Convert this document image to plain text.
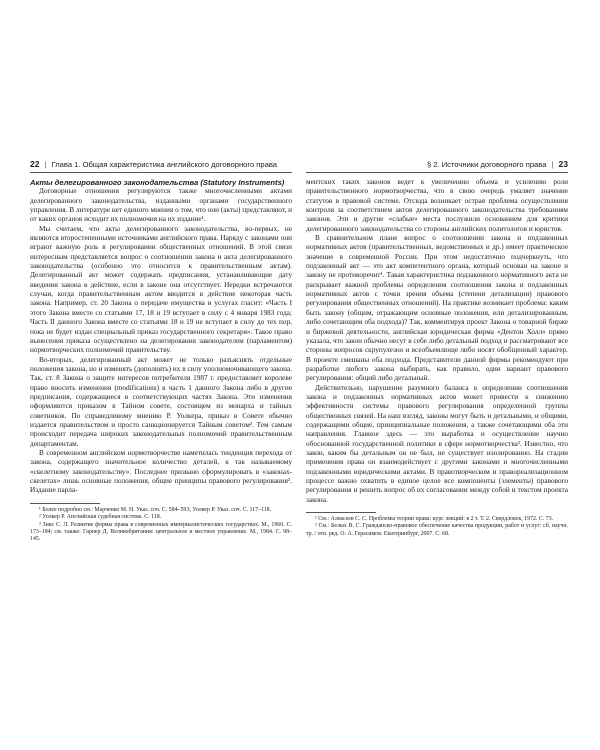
22 | Глава 1. Общая характеристика английского договорного права

Акты делегированного законодательства (Statutory Instruments)

Договорные отношения регулируются также многочисленными актами делегированного законодательства, изданными органами государственного управления. В литературе нет единого мнения о том, что они (акты) представляют, и от каких органов исходит их полномочия на их издание¹.

Мы считаем, что акты делегированного законодательства, во-первых, не являются второстепенными источниками английского права. Наряду с законами они играют важную роль в регулировании общественных отношений. В этой связи интересным представляется вопрос о соотношении закона и акта делегированного законодательства (особенно это относится к правительственным актам). Делегированный акт может содержать предписания, устанавливающие дату введения закона в действие, если в законе она отсутствует. Нередки встречаются случаи, когда правительственным актом вводится в действие некоторая часть закона. Например, ст. 20 Закона о передаче имущества и услугах гласит: «Часть I этого Закона вместе со статьями 17, 18 и 19 вступает в силу с 4 января 1983 года; Часть II данного Закона вместе со статьями 18 и 19 не вступает в силу до тех пор, пока не будет издан специальный приказ государственного секретаря». Такое право вынесения приказа осуществлено на делегирования законодателем (парламентом) нормотворческих полномочий правительству.

Во-вторых, делегированный акт может не только разъяснять отдельные положения закона, но и изменять (дополнять) их в силу уполномочивающего закона. Так, ст. 8 Закона о защите интересов потребителя 1987 г. предоставляет королеве право вносить изменения (modifications) в часть 1 данного Закона либо в другие предписания, содержащиеся в соответствующих частях Закона. Эти изменения оформляются приказом в Тайном совете, состоящем из монарха и тайных советников. По справедливому мнению Р. Уолкера, приказ в Совете обычно издается правительством и просто санкционируется Тайным советом². Тем самым происходит передача широких законодательных полномочий правительственным департаментам.

В современном английском нормотворчестве наметилась тенденция перехода от закона, содержащего значительное количество деталей, к так называемому «скелетному законодательству». Последнее призвано сформулировать в «законах-скелетах» лишь основные положения, общие принципы правового регулирования³. Издание парла-

¹ Более подробно см.: Марченко М. Н. Указ. соч. С. 584–593; Уолкер Р. Указ. соч. С. 117–118.

² Уолкер Р. Английская судебная система. С. 118.

³ Зикс С. Л. Развитие формы права в современных империалистических государствах. М., 1960. С. 173–184; см. также: Гарнер Д. Великобритания: центральное и местное управление. М., 1984. С. 98–145.

§ 2. Источники договорного права | 23

ментских таких законов ведет к увеличению объема и усилению роли правительственного нормотворчества, что в свою очередь умаляет значение статутов в правовой системе. Отсюда возникает острая проблема осуществления контроля за соответствием актов делегированного законодательства требованиям законов. Эти и другие «слабые» места послужили основанием для критики делегированного законодательства со стороны английских политологов и юристов.

В сравнительном плане вопрос о соотношении закона и подзаконных нормативных актов (правительственных, ведомственных и др.) имеет практическое значение в современной России. При этом недостаточно подчеркнуть, что подзаконный акт — это акт компетентного органа, который основан на законе и закону не противоречит¹. Такая характеристика подзаконного нормативного акта не раскрывает важной проблемы определения соотношения закона и подзаконных нормативных актов с точки зрения объема (степени детализации) правового регулирования общественных отношений). На практике возникает проблема: каким быть закону (общим, отражающим основные положения, или детализированным, либо сочетающим оба подхода)? Так, комментируя проект Закона о товарной бирже и биржевой деятельности, английская юридическая фирма «Дентон Холл» прямо указала, что закон обычно несут в себе либо детальный подход и рассматривают все стороны вопросов скрупулезно и всеобъемлюще либо носят обобщенный характер. В проекте смешаны оба подхода. Представители данной фирмы рекомендуют при разработке любого закона выбирать, как правило, один вариант правового регулирования: общий либо детальный.

Действительно, нарушение разумного баланса в определении соотношения закона и подзаконных нормативных актов может привести к снижению эффективности системы правового регулирования определенной группы общественных связей. На наш взгляд, законы могут быть и детальными, и общими, содержащими общие, принципиальные положения, а также сочетающими оба эти направления. Главное здесь — это выработка и осуществление научно обоснованной государственной политики в сфере нормотворчества². Известно, что закон, каким бы детальным он не был, не существует изолированно. На стадии применения права он взаимодействует с другими законами и многочисленными подзаконными юридическими актами. В правотворческом и правореализационном процессе важно охватить в единое целое все компоненты (элементы) правового регулирования и решить вопрос об их согласовании между собой и текстом проекта закона.

¹ См.: Алексеев С. С. Проблемы теории права: курс лекций: в 2 т. Т. 2. Свердловск, 1972. С. 73.

² См.: Белых В. С. Гражданско-правовое обеспечение качества продукции, работ и услуг: сб. научн. тр. / отв. ред. О. А. Герасимов. Екатеринбург, 2007. С. 68.
